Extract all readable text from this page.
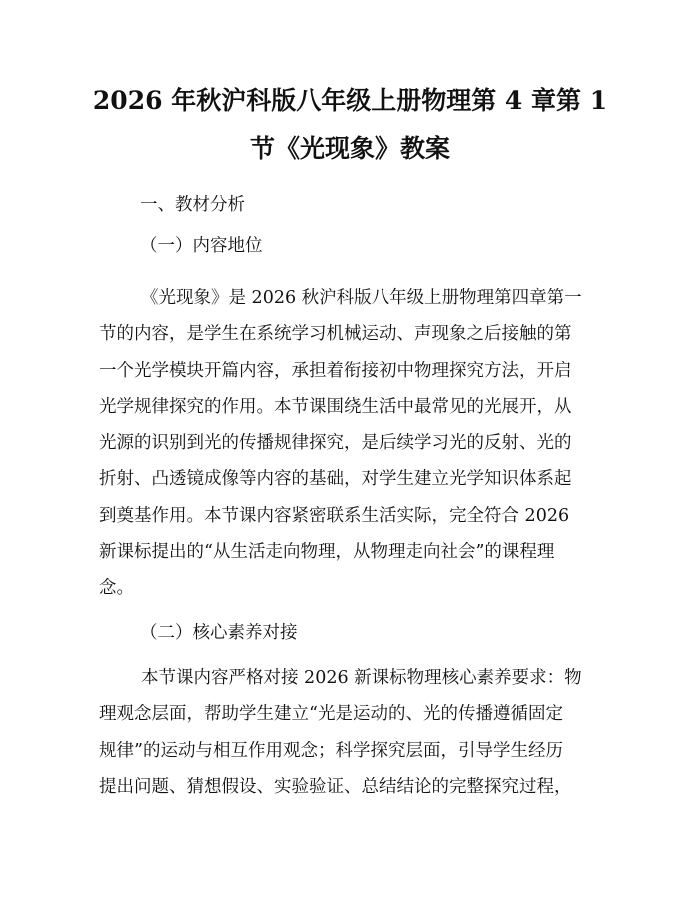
2026 年秋沪科版八年级上册物理第 4 章第 1
节《光现象》教案
一、教材分析
（一）内容地位
《光现象》是 2026 秋沪科版八年级上册物理第四章第一
节的内容，是学生在系统学习机械运动、声现象之后接触的第
一个光学模块开篇内容，承担着衔接初中物理探究方法，开启
光学规律探究的作用。本节课围绕生活中最常见的光展开，从
光源的识别到光的传播规律探究，是后续学习光的反射、光的
折射、凸透镜成像等内容的基础，对学生建立光学知识体系起
到奠基作用。本节课内容紧密联系生活实际，完全符合 2026
新课标提出的“从生活走向物理，从物理走向社会”的课程理
念。
（二）核心素养对接
本节课内容严格对接 2026 新课标物理核心素养要求：物
理观念层面，帮助学生建立“光是运动的、光的传播遵循固定
规律”的运动与相互作用观念；科学探究层面，引导学生经历
提出问题、猜想假设、实验验证、总结结论的完整探究过程，
